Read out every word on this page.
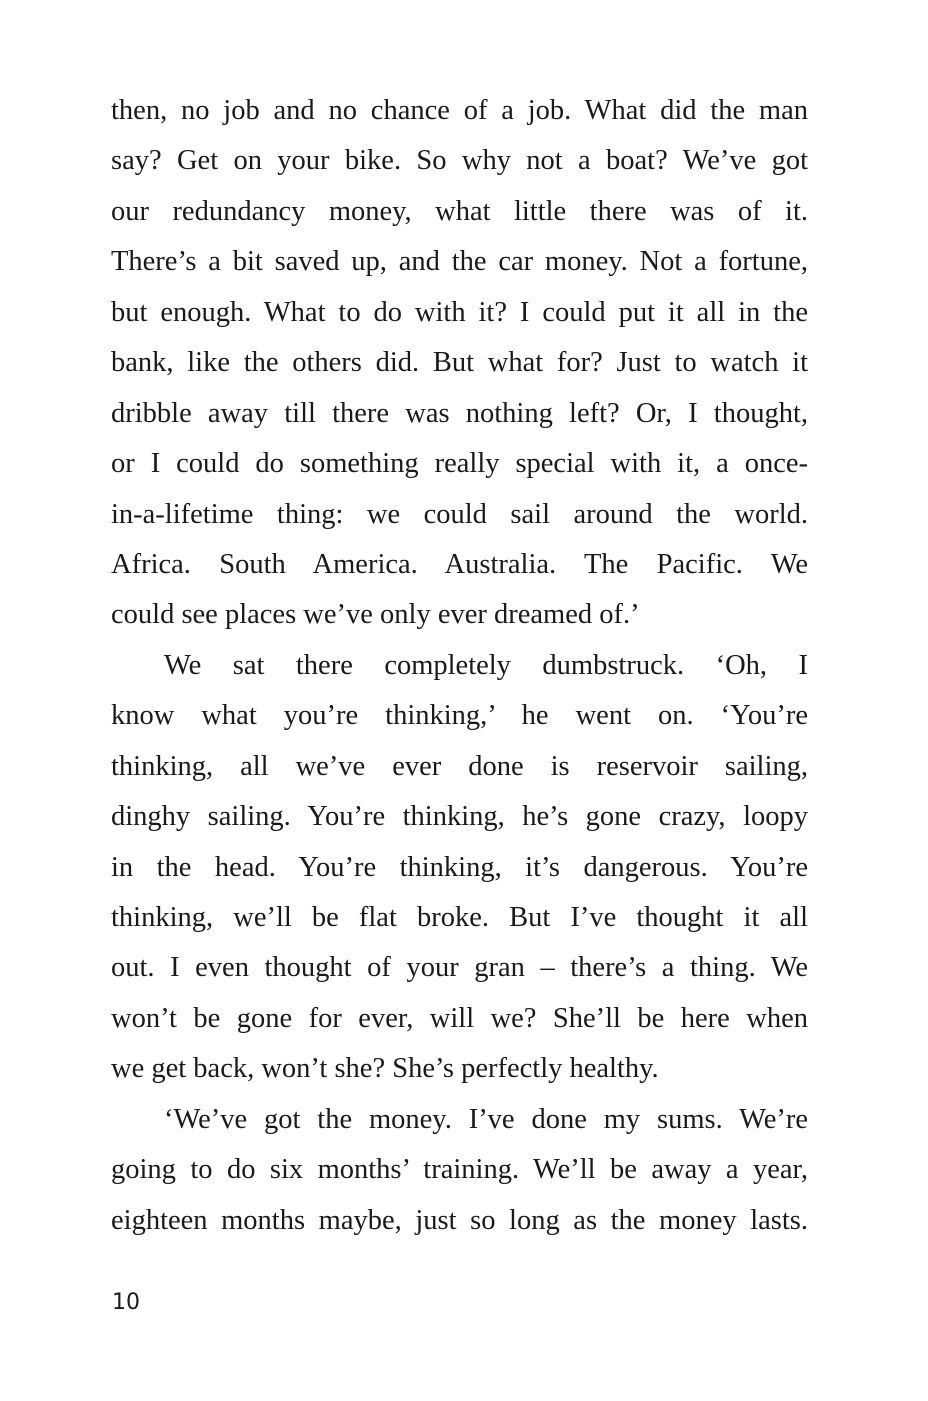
then, no job and no chance of a job. What did the man
say? Get on your bike. So why not a boat? We’ve got
our redundancy money, what little there was of it.
There’s a bit saved up, and the car money. Not a fortune,
but enough. What to do with it? I could put it all in the
bank, like the others did. But what for? Just to watch it
dribble away till there was nothing left? Or, I thought,
or I could do something really special with it, a once-
in-a-lifetime thing: we could sail around the world.
Africa. South America. Australia. The Pacific. We
could see places we’ve only ever dreamed of.’
We sat there completely dumbstruck. ‘Oh, I
know what you’re thinking,’ he went on. ‘You’re
thinking, all we’ve ever done is reservoir sailing,
dinghy sailing. You’re thinking, he’s gone crazy, loopy
in the head. You’re thinking, it’s dangerous. You’re
thinking, we’ll be flat broke. But I’ve thought it all
out. I even thought of your gran – there’s a thing. We
won’t be gone for ever, will we? She’ll be here when
we get back, won’t she? She’s perfectly healthy.
‘We’ve got the money. I’ve done my sums. We’re
going to do six months’ training. We’ll be away a year,
eighteen months maybe, just so long as the money lasts.
10
